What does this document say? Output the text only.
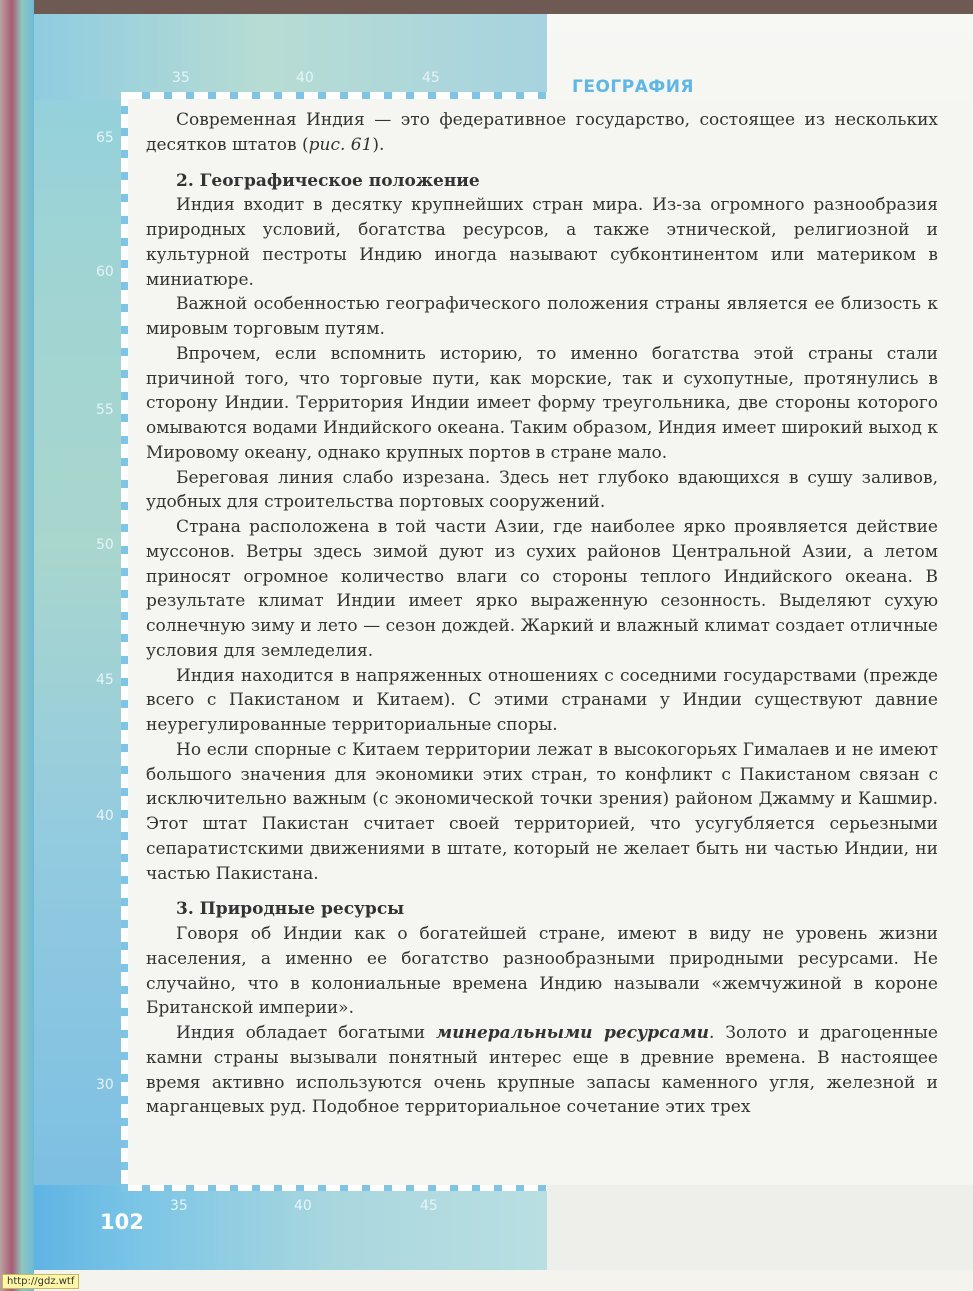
35	40	45
65
60
55
50
45
40
30
35	40	45
ГЕОГРАФИЯ

Современная Индия — это федеративное государство, состоящее из нескольких десятков штатов (рис. 61).

2. Географическое положение

Индия входит в десятку крупнейших стран мира. Из-за огромного разнообразия природных условий, богатства ресурсов, а также этнической, религиозной и культурной пестроты Индию иногда называют субконтинентом или материком в миниатюре.

Важной особенностью географического положения страны является ее близость к мировым торговым путям.

Впрочем, если вспомнить историю, то именно богатства этой страны стали причиной того, что торговые пути, как морские, так и сухопутные, протянулись в сторону Индии. Территория Индии имеет форму треугольника, две стороны которого омываются водами Индийского океана. Таким образом, Индия имеет широкий выход к Мировому океану, однако крупных портов в стране мало.

Береговая линия слабо изрезана. Здесь нет глубоко вдающихся в сушу заливов, удобных для строительства портовых сооружений.

Страна расположена в той части Азии, где наиболее ярко проявляется действие муссонов. Ветры здесь зимой дуют из сухих районов Центральной Азии, а летом приносят огромное количество влаги со стороны теплого Индийского океана. В результате климат Индии имеет ярко выраженную сезонность. Выделяют сухую солнечную зиму и лето — сезон дождей. Жаркий и влажный климат создает отличные условия для земледелия.

Индия находится в напряженных отношениях с соседними государствами (прежде всего с Пакистаном и Китаем). С этими странами у Индии существуют давние неурегулированные территориальные споры.

Но если спорные с Китаем территории лежат в высокогорьях Гималаев и не имеют большого значения для экономики этих стран, то конфликт с Пакистаном связан с исключительно важным (с экономической точки зрения) районом Джамму и Кашмир. Этот штат Пакистан считает своей территорией, что усугубляется серьезными сепаратистскими движениями в штате, который не желает быть ни частью Индии, ни частью Пакистана.

3. Природные ресурсы

Говоря об Индии как о богатейшей стране, имеют в виду не уровень жизни населения, а именно ее богатство разнообразными природными ресурсами. Не случайно, что в колониальные времена Индию называли «жемчужиной в короне Британской империи».

Индия обладает богатыми минеральными ресурсами. Золото и драгоценные камни страны вызывали понятный интерес еще в древние времена. В настоящее время активно используются очень крупные запасы каменного угля, железной и марганцевых руд. Подобное территориальное сочетание этих трех

102
http://gdz.wtf
